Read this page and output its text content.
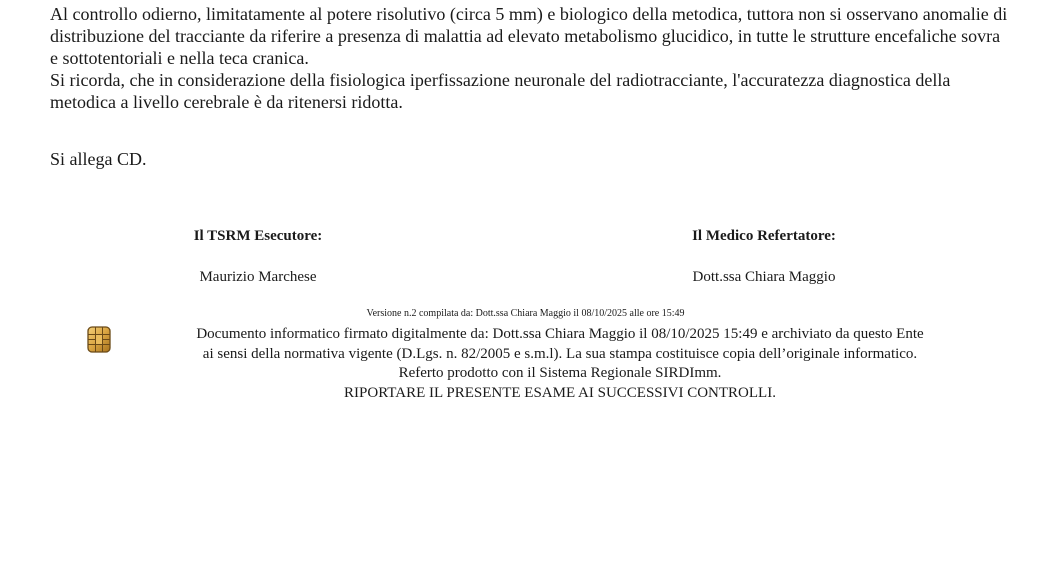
Al controllo odierno, limitatamente al potere risolutivo (circa 5 mm) e biologico della metodica, tuttora non si osservano anomalie di distribuzione del tracciante da riferire a presenza di malattia ad elevato metabolismo glucidico, in tutte le strutture encefaliche sovra e sottotentoriali e nella teca cranica.

Si ricorda, che in considerazione della fisiologica iperfissazione neuronale del radiotracciante, l'accuratezza diagnostica della metodica a livello cerebrale è da ritenersi ridotta.

Si allega CD.

Il TSRM Esecutore:
Maurizio Marchese
Il Medico Refertatore:
Dott.ssa Chiara Maggio
Versione n.2 compilata da: Dott.ssa Chiara Maggio il 08/10/2025 alle ore 15:49
Documento informatico firmato digitalmente da: Dott.ssa Chiara Maggio il 08/10/2025 15:49 e archiviato da questo Ente
ai sensi della normativa vigente (D.Lgs. n. 82/2005 e s.m.l). La sua stampa costituisce copia dell’originale informatico.
Referto prodotto con il Sistema Regionale SIRDImm.
RIPORTARE IL PRESENTE ESAME AI SUCCESSIVI CONTROLLI.
